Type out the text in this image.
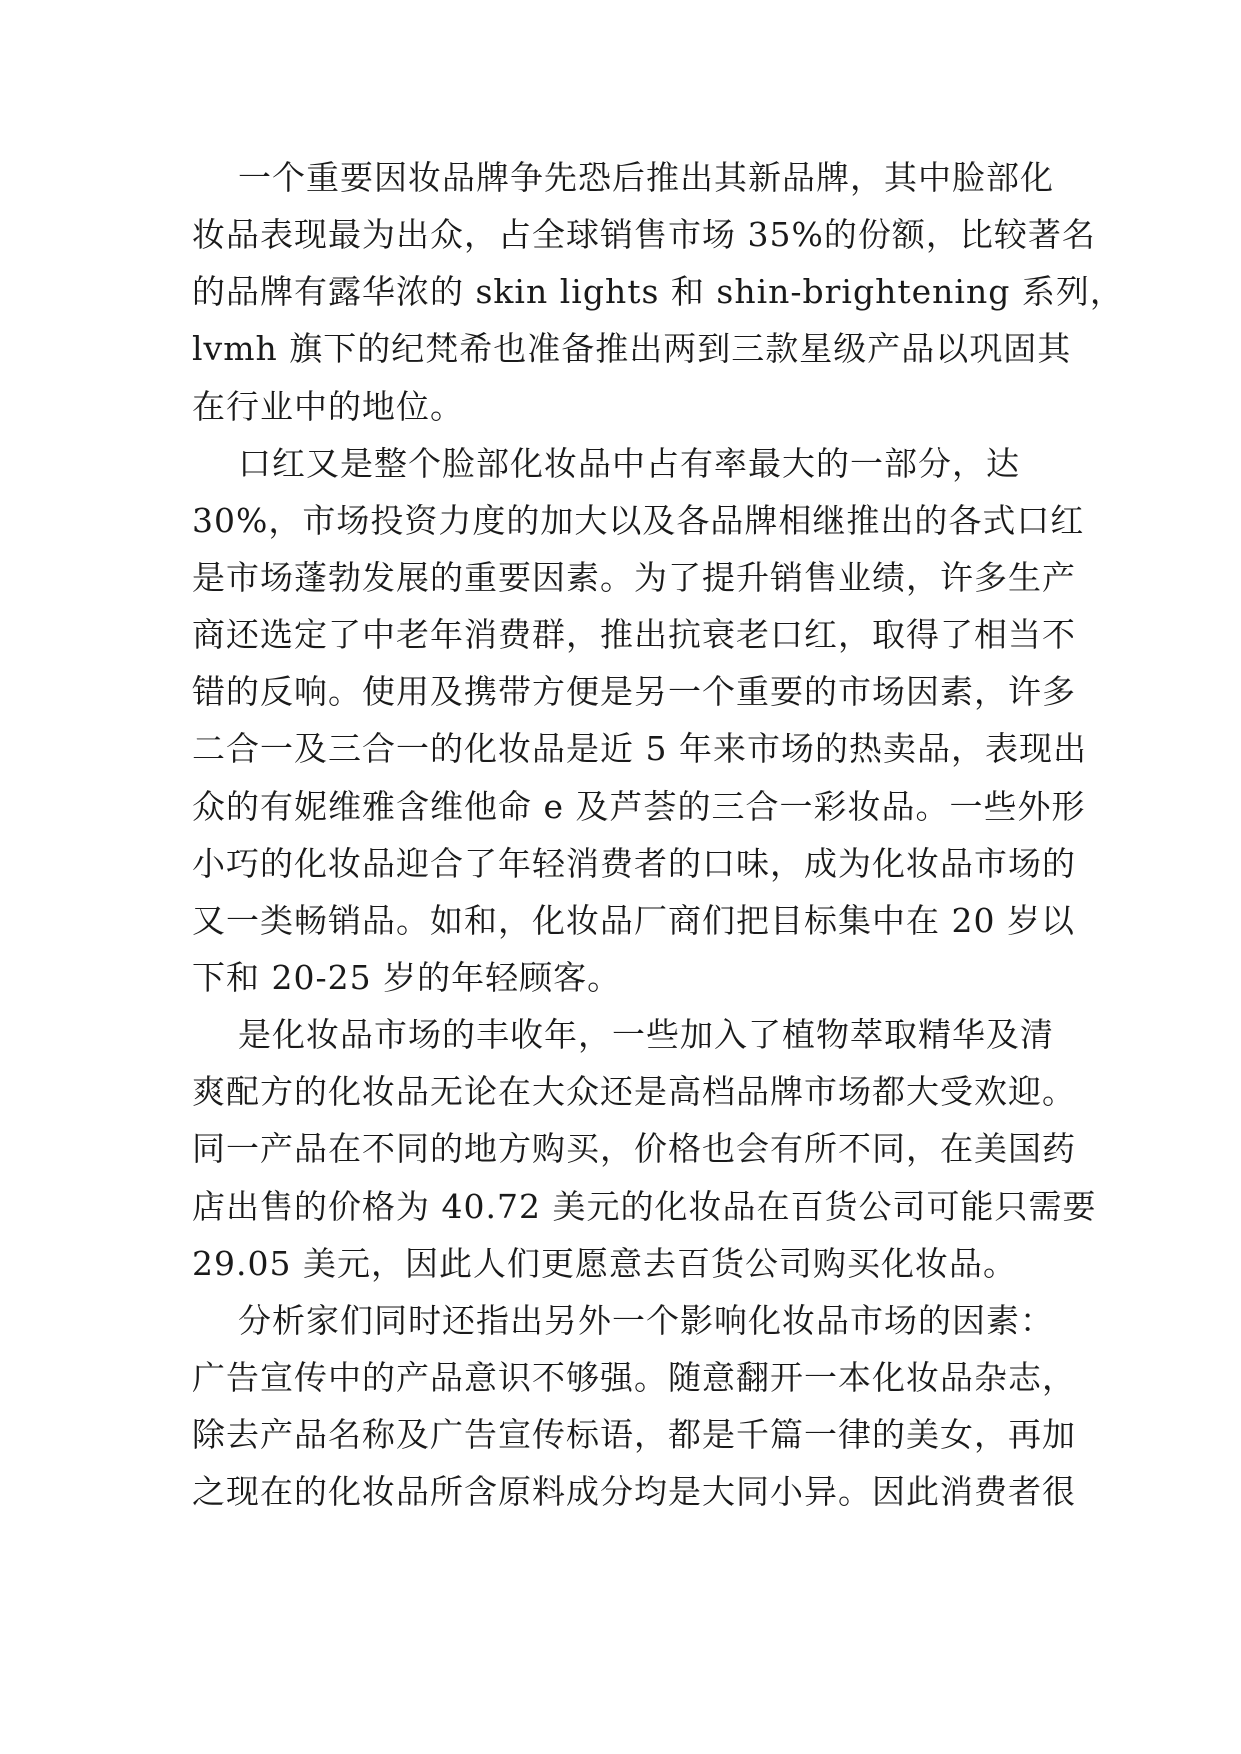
一个重要因妆品牌争先恐后推出其新品牌，其中脸部化
妆品表现最为出众，占全球销售市场 35%的份额，比较著名
的品牌有露华浓的 skin lights 和 shin-brightening 系列，
lvmh 旗下的纪梵希也准备推出两到三款星级产品以巩固其
在行业中的地位。
口红又是整个脸部化妆品中占有率最大的一部分，达
30%，市场投资力度的加大以及各品牌相继推出的各式口红
是市场蓬勃发展的重要因素。为了提升销售业绩，许多生产
商还选定了中老年消费群，推出抗衰老口红，取得了相当不
错的反响。使用及携带方便是另一个重要的市场因素，许多
二合一及三合一的化妆品是近 5 年来市场的热卖品，表现出
众的有妮维雅含维他命 e 及芦荟的三合一彩妆品。一些外形
小巧的化妆品迎合了年轻消费者的口味，成为化妆品市场的
又一类畅销品。如和，化妆品厂商们把目标集中在 20 岁以
下和 20-25 岁的年轻顾客。
是化妆品市场的丰收年，一些加入了植物萃取精华及清
爽配方的化妆品无论在大众还是高档品牌市场都大受欢迎。
同一产品在不同的地方购买，价格也会有所不同，在美国药
店出售的价格为 40.72 美元的化妆品在百货公司可能只需要
29.05 美元，因此人们更愿意去百货公司购买化妆品。
分析家们同时还指出另外一个影响化妆品市场的因素：
广告宣传中的产品意识不够强。随意翻开一本化妆品杂志，
除去产品名称及广告宣传标语，都是千篇一律的美女，再加
之现在的化妆品所含原料成分均是大同小异。因此消费者很
